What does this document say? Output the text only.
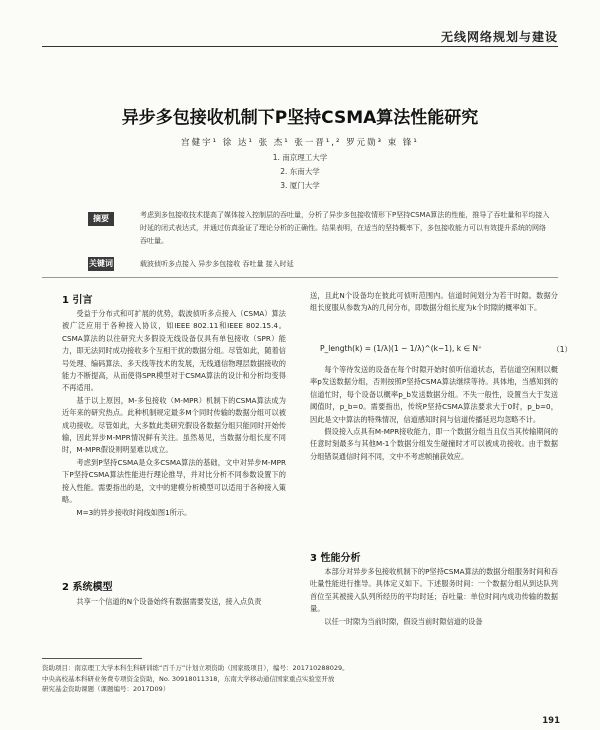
无线网络规划与建设
异步多包接收机制下P坚持CSMA算法性能研究
宫健宇¹ 徐 达¹ 张 杰¹ 张一晋¹,² 罗元勋³ 束 锋¹
1. 南京理工大学
2. 东南大学
3. 厦门大学
摘要	考虑到多包接收技术提高了媒体接入控制层的吞吐量，分析了异步多包接收情形下P坚持CSMA算法的性能，推导了吞吐量和平均接入时延的闭式表达式，并通过仿真验证了理论分析的正确性。结果表明，在适当的坚持概率下，多包接收能力可以有效提升系统的网络吞吐量。
关键词	载波侦听多点接入 异步多包接收 吞吐量 接入时延
1 引言

受益于分布式和可扩展的优势，载波侦听多点接入（CSMA）算法被广泛应用于各种接入协议，如IEEE 802.11和IEEE 802.15.4。CSMA算法的以往研究大多假设无线设备仅具有单包接收（SPR）能力，即无法同时成功接收多个互相干扰的数据分组。尽管如此，随着信号处理、编码算法、多天线等技术的发展，无线通信物理层数据接收的能力不断提高，从而使得SPR模型对于CSMA算法的设计和分析均变得不再适用。

基于以上原因，M-多包接收（M-MPR）机制下的CSMA算法成为近年来的研究热点。此种机制规定最多M个同时传输的数据分组可以被成功接收。尽管如此，大多数此类研究假设各数据分组只能同时开始传输，因此异步M-MPR情况鲜有关注。虽然易见，当数据分组长度不同时，M-MPR假设则明显难以成立。

考虑到P坚持CSMA是众多CSMA算法的基础，文中对异步M-MPR下P坚持CSMA算法性能进行理论推导，并对比分析不同参数设置下的接入性能。需要指出的是，文中的建模分析模型可以适用于各种接入策略。

M=3的异步接收时间线如图1所示。

2 系统模型

共享一个信道的N个设备始终有数据需要发送，接入点负责

送，且此N个设备均在彼此可侦听范围内。信道时间划分为若干时隙。数据分组长度服从参数为λ的几何分布，即数据分组长度为k个时隙的概率如下。

P_length(k) = (1/λ)(1 − 1/λ)^(k−1), k ∈ N⁺	（1）

每个等待发送的设备在每个时隙开始时侦听信道状态，若信道空闲则以概率p发送数据分组，否则按照P坚持CSMA算法继续等待。具体地，当感知到的信道忙时，每个设备以概率p_b发送数据分组。不失一般性，设置当大于发送阈值时，p_b=0。需要指出，传统P坚持CSMA算法要求大于0时，p_b=0，因此是文中算法的特殊情况，信道感知时间与信道传播延迟均忽略不计。

假设接入点具有M-MPR接收能力，即一个数据分组当且仅当其传输期间的任意时刻最多与其他M-1个数据分组发生碰撞时才可以被成功接收。由于数据分组错误通信时间不同，文中不考虑帧捕获效应。

3 性能分析

本部分对异步多包接收机制下的P坚持CSMA算法的数据分组服务时间和吞吐量性能进行推导。具体定义如下。下述服务时间：一个数据分组从到达队列首位至其被接入队列所经历的平均时延；吞吐量：单位时间内成功传输的数据量。

以任一时隙为当前时隙，假设当前时隙信道的设备

资助项目：南京理工大学本科生科研训练“百千万”计划立项资助（国家级项目），编号：201710288029。
中央高校基本科研业务费专项资金资助，No. 30918011318，东南大学移动通信国家重点实验室开放
研究基金资助课题（课题编号：2017D09）
191
